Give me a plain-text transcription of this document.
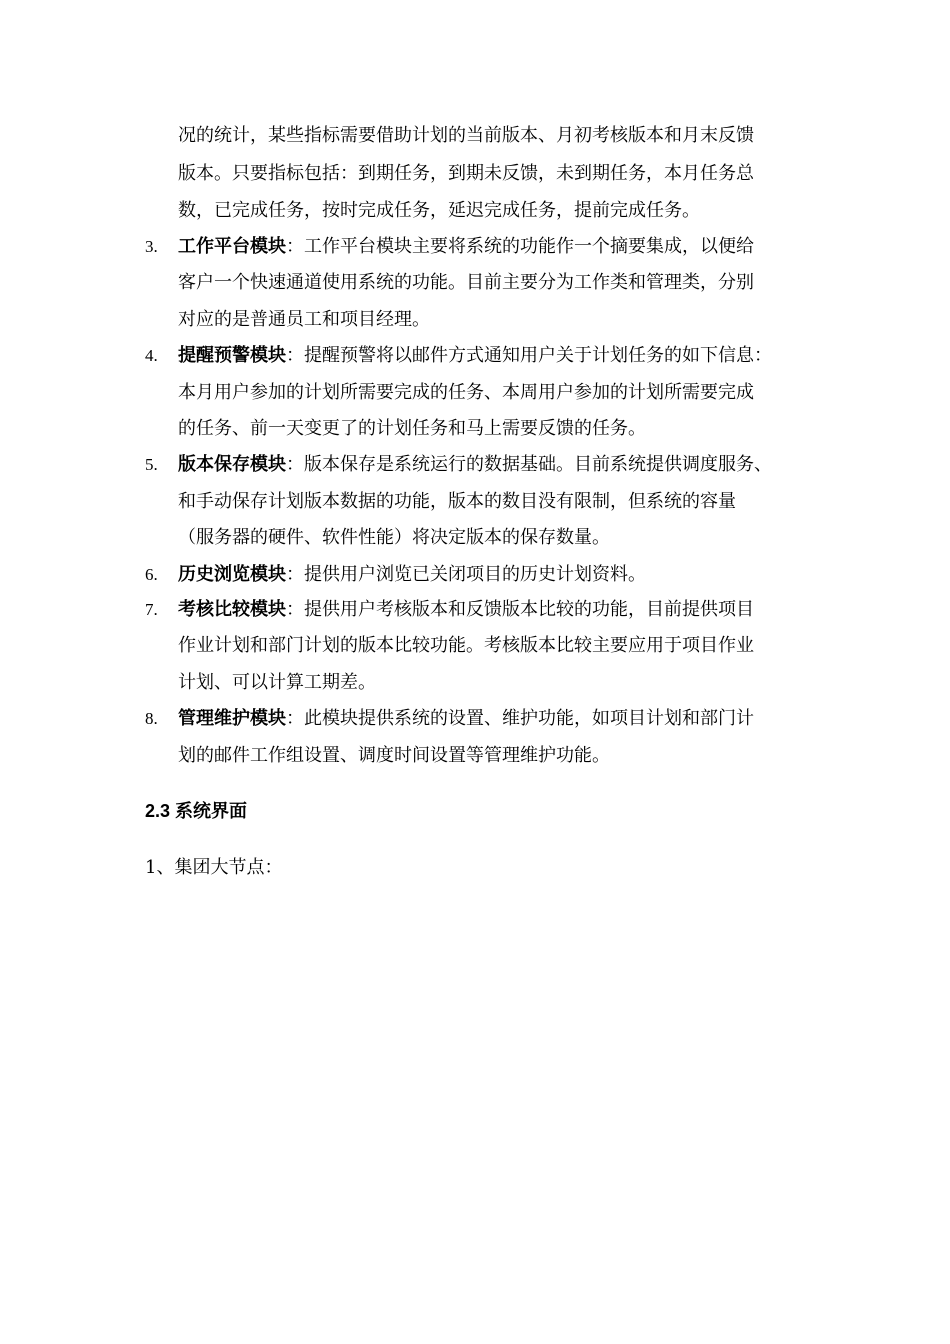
况的统计，某些指标需要借助计划的当前版本、月初考核版本和月末反馈
版本。只要指标包括：到期任务，到期未反馈，未到期任务，本月任务总
数，已完成任务，按时完成任务，延迟完成任务，提前完成任务。
3. 工作平台模块：工作平台模块主要将系统的功能作一个摘要集成，以便给
客户一个快速通道使用系统的功能。目前主要分为工作类和管理类，分别
对应的是普通员工和项目经理。
4. 提醒预警模块：提醒预警将以邮件方式通知用户关于计划任务的如下信息：
本月用户参加的计划所需要完成的任务、本周用户参加的计划所需要完成
的任务、前一天变更了的计划任务和马上需要反馈的任务。
5. 版本保存模块：版本保存是系统运行的数据基础。目前系统提供调度服务、
和手动保存计划版本数据的功能，版本的数目没有限制，但系统的容量
（服务器的硬件、软件性能）将决定版本的保存数量。
6. 历史浏览模块：提供用户浏览已关闭项目的历史计划资料。
7. 考核比较模块：提供用户考核版本和反馈版本比较的功能，目前提供项目
作业计划和部门计划的版本比较功能。考核版本比较主要应用于项目作业
计划、可以计算工期差。
8. 管理维护模块：此模块提供系统的设置、维护功能，如项目计划和部门计
划的邮件工作组设置、调度时间设置等管理维护功能。
2.3 系统界面
1、集团大节点：
